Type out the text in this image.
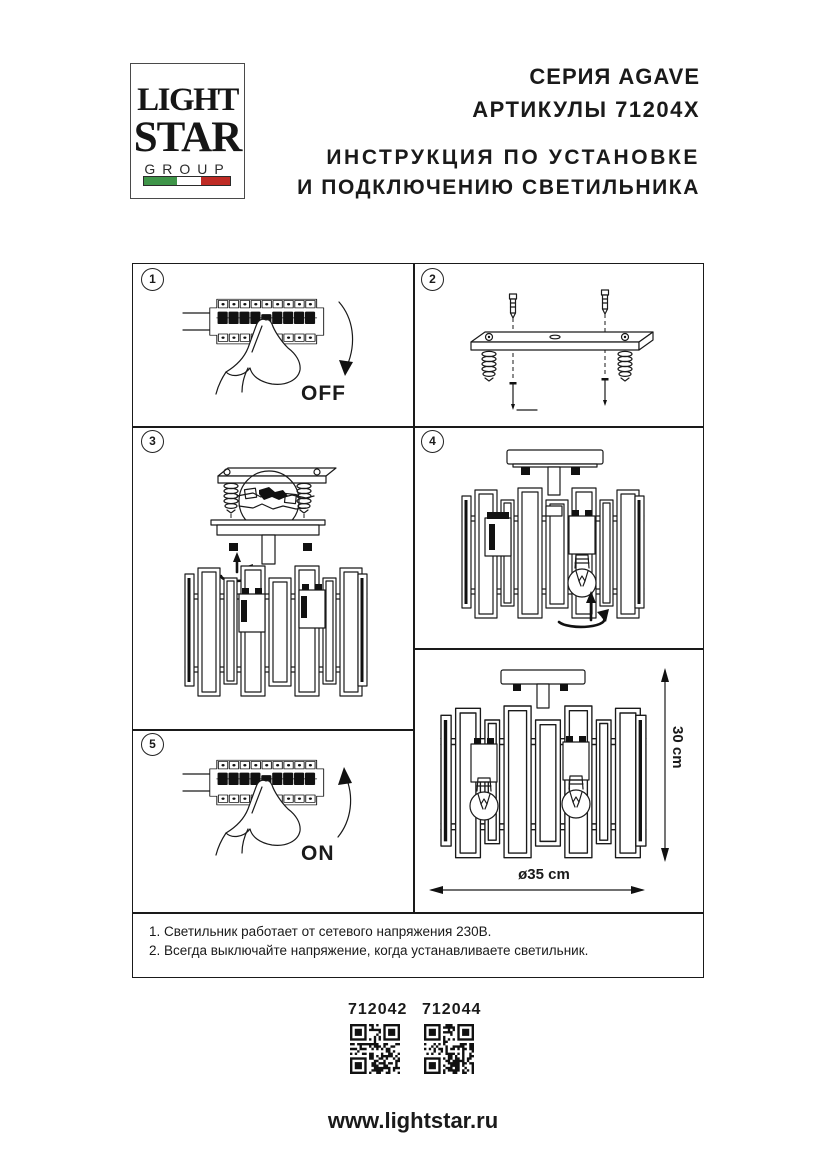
LIGHT
STAR
GROUP
СЕРИЯ AGAVE
АРТИКУЛЫ 71204X
ИНСТРУКЦИЯ ПО УСТАНОВКЕ
И ПОДКЛЮЧЕНИЮ СВЕТИЛЬНИКА
1
OFF
2
3	4
5
ON
30 cm
ø35 cm
1. Светильник работает от сетевого напряжения 230В.
2. Всегда выключайте напряжение, когда устанавливаете светильник.
712042 712044
www.lightstar.ru
